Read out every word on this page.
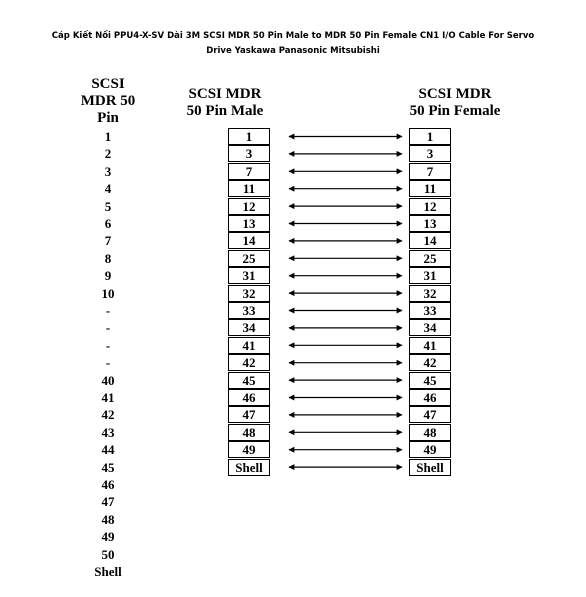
Cáp Kiết Nối PPU4-X-SV Dài 3M SCSI MDR 50 Pin Male to MDR 50 Pin Female CN1 I/O Cable For Servo
Drive Yaskawa Panasonic Mitsubishi
SCSI
MDR 50
Pin
SCSI MDR
50 Pin Male
SCSI MDR
50 Pin Female
1
2
3
4
5
6
7
8
9
10
-
-
-
-
40
41
42
43
44
45
46
47
48
49
50
Shell
1
3
7
11
12
13
14
25
31
32
33
34
41
42
45
46
47
48
49
Shell
1
3
7
11
12
13
14
25
31
32
33
34
41
42
45
46
47
48
49
Shell
